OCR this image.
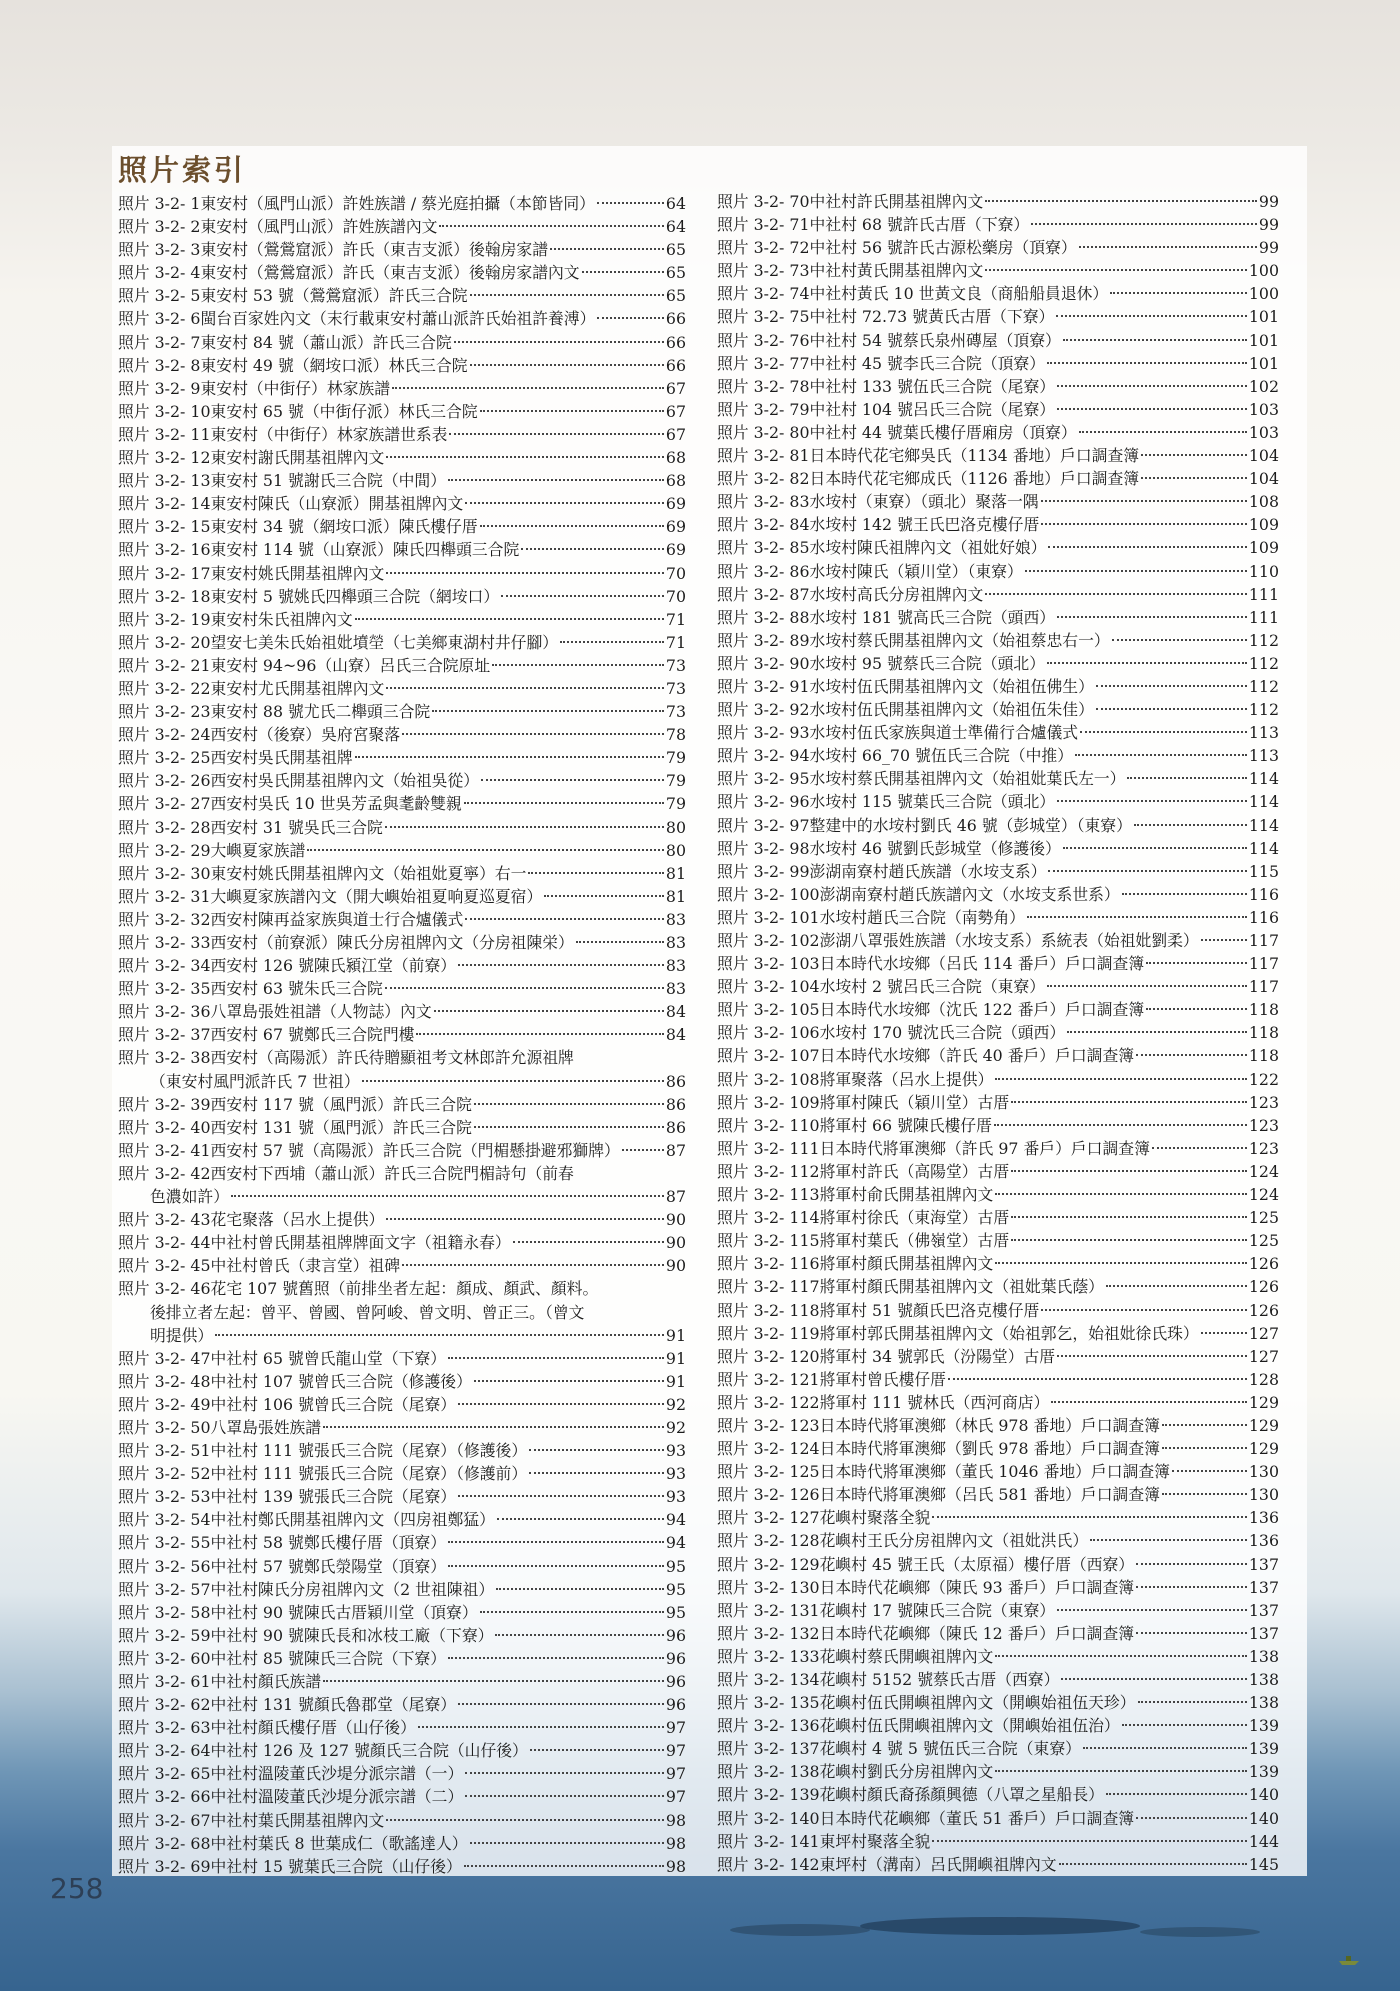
照片索引
照片 3-2- 1 東安村（風門山派）許姓族譜 / 蔡光庭拍攝（本節皆同）	64
照片 3-2- 2 東安村（風門山派）許姓族譜內文	64
照片 3-2- 3 東安村（鶯鶯窟派）許氏（東吉支派）後翰房家譜	65
照片 3-2- 4 東安村（鶯鶯窟派）許氏（東吉支派）後翰房家譜內文	65
照片 3-2- 5 東安村 53 號（鶯鶯窟派）許氏三合院	65
照片 3-2- 6 閩台百家姓內文（末行載東安村蕭山派許氏始祖許養溥）	66
照片 3-2- 7 東安村 84 號（蕭山派）許氏三合院	66
照片 3-2- 8 東安村 49 號（網垵口派）林氏三合院	66
照片 3-2- 9 東安村（中街仔）林家族譜	67
照片 3-2- 10 東安村 65 號（中街仔派）林氏三合院	67
照片 3-2- 11 東安村（中街仔）林家族譜世系表	67
照片 3-2- 12 東安村謝氏開基祖牌內文	68
照片 3-2- 13 東安村 51 號謝氏三合院（中間）	68
照片 3-2- 14 東安村陳氏（山寮派）開基祖牌內文	69
照片 3-2- 15 東安村 34 號（網垵口派）陳氏樓仔厝	69
照片 3-2- 16 東安村 114 號（山寮派）陳氏四櫸頭三合院	69
照片 3-2- 17 東安村姚氏開基祖牌內文	70
照片 3-2- 18 東安村 5 號姚氏四櫸頭三合院（網垵口）	70
照片 3-2- 19 東安村朱氏祖牌內文	71
照片 3-2- 20 望安七美朱氏始祖妣墳塋（七美鄉東湖村井仔腳）	71
照片 3-2- 21 東安村 94~96（山寮）呂氏三合院原址	73
照片 3-2- 22 東安村尤氏開基祖牌內文	73
照片 3-2- 23 東安村 88 號尤氏二櫸頭三合院	73
照片 3-2- 24 西安村（後寮）吳府宮聚落	78
照片 3-2- 25 西安村吳氏開基祖牌	79
照片 3-2- 26 西安村吳氏開基祖牌內文（始祖吳從）	79
照片 3-2- 27 西安村吳氏 10 世吳芳孟與耄齡雙親	79
照片 3-2- 28 西安村 31 號吳氏三合院	80
照片 3-2- 29 大嶼夏家族譜	80
照片 3-2- 30 東安村姚氏開基祖牌內文（始祖妣夏寧）右一	81
照片 3-2- 31 大嶼夏家族譜內文（開大嶼始祖夏响夏巡夏宿）	81
照片 3-2- 32 西安村陳再益家族與道士行合爐儀式	83
照片 3-2- 33 西安村（前寮派）陳氏分房祖牌內文（分房祖陳栄）	83
照片 3-2- 34 西安村 126 號陳氏潁江堂（前寮）	83
照片 3-2- 35 西安村 63 號朱氏三合院	83
照片 3-2- 36 八罩島張姓祖譜（人物誌）內文	84
照片 3-2- 37 西安村 67 號鄭氏三合院門樓	84
照片 3-2- 38 西安村（高陽派）許氏待贈顯祖考文林郎許允源祖牌
（東安村風門派許氏 7 世祖）	86
照片 3-2- 39 西安村 117 號（風門派）許氏三合院	86
照片 3-2- 40 西安村 131 號（風門派）許氏三合院	86
照片 3-2- 41 西安村 57 號（高陽派）許氏三合院（門楣懸掛避邪獅牌）	87
照片 3-2- 42 西安村下西埔（蕭山派）許氏三合院門楣詩句（前春
色濃如許）	87
照片 3-2- 43 花宅聚落（呂水上提供）	90
照片 3-2- 44 中社村曾氏開基祖牌牌面文字（祖籍永春）	90
照片 3-2- 45 中社村曾氏（隶言堂）祖碑	90
照片 3-2- 46 花宅 107 號舊照（前排坐者左起：顏成、顏武、顏料。
後排立者左起：曾平、曾國、曾阿峻、曾文明、曾正三。（曾文
明提供）	91
照片 3-2- 47 中社村 65 號曾氏龍山堂（下寮）	91
照片 3-2- 48 中社村 107 號曾氏三合院（修護後）	91
照片 3-2- 49 中社村 106 號曾氏三合院（尾寮）	92
照片 3-2- 50 八罩島張姓族譜	92
照片 3-2- 51 中社村 111 號張氏三合院（尾寮）（修護後）	93
照片 3-2- 52 中社村 111 號張氏三合院（尾寮）（修護前）	93
照片 3-2- 53 中社村 139 號張氏三合院（尾寮）	93
照片 3-2- 54 中社村鄭氏開基祖牌內文（四房祖鄭猛）	94
照片 3-2- 55 中社村 58 號鄭氏樓仔厝（頂寮）	94
照片 3-2- 56 中社村 57 號鄭氏滎陽堂（頂寮）	95
照片 3-2- 57 中社村陳氏分房祖牌內文（2 世祖陳祖）	95
照片 3-2- 58 中社村 90 號陳氏古厝穎川堂（頂寮）	95
照片 3-2- 59 中社村 90 號陳氏長和冰枝工廠（下寮）	96
照片 3-2- 60 中社村 85 號陳氏三合院（下寮）	96
照片 3-2- 61 中社村顏氏族譜	96
照片 3-2- 62 中社村 131 號顏氏魯郡堂（尾寮）	96
照片 3-2- 63 中社村顏氏樓仔厝（山仔後）	97
照片 3-2- 64 中社村 126 及 127 號顏氏三合院（山仔後）	97
照片 3-2- 65 中社村溫陵董氏沙堤分派宗譜（一）	97
照片 3-2- 66 中社村溫陵董氏沙堤分派宗譜（二）	97
照片 3-2- 67 中社村葉氏開基祖牌內文	98
照片 3-2- 68 中社村葉氏 8 世葉成仁（歌謠達人）	98
照片 3-2- 69 中社村 15 號葉氏三合院（山仔後）	98
照片 3-2- 70 中社村許氏開基祖牌內文	99
照片 3-2- 71 中社村 68 號許氏古厝（下寮）	99
照片 3-2- 72 中社村 56 號許氏古源松藥房（頂寮）	99
照片 3-2- 73 中社村黃氏開基祖牌內文	100
照片 3-2- 74 中社村黃氏 10 世黃文良（商船船員退休）	100
照片 3-2- 75 中社村 72.73 號黃氏古厝（下寮）	101
照片 3-2- 76 中社村 54 號蔡氏泉州磚屋（頂寮）	101
照片 3-2- 77 中社村 45 號李氏三合院（頂寮）	101
照片 3-2- 78 中社村 133 號伍氏三合院（尾寮）	102
照片 3-2- 79 中社村 104 號呂氏三合院（尾寮）	103
照片 3-2- 80 中社村 44 號葉氏樓仔厝廂房（頂寮）	103
照片 3-2- 81 日本時代花宅鄉吳氏（1134 番地）戶口調查簿	104
照片 3-2- 82 日本時代花宅鄉成氏（1126 番地）戶口調查簿	104
照片 3-2- 83 水垵村（東寮）（頭北）聚落一隅	108
照片 3-2- 84 水垵村 142 號王氏巴洛克樓仔厝	109
照片 3-2- 85 水垵村陳氏祖牌內文（祖妣好娘）	109
照片 3-2- 86 水垵村陳氏（穎川堂）（東寮）	110
照片 3-2- 87 水垵村高氏分房祖牌內文	111
照片 3-2- 88 水垵村 181 號高氏三合院（頭西）	111
照片 3-2- 89 水垵村蔡氏開基祖牌內文（始祖蔡忠右一）	112
照片 3-2- 90 水垵村 95 號蔡氏三合院（頭北）	112
照片 3-2- 91 水垵村伍氏開基祖牌內文（始祖伍佛生）	112
照片 3-2- 92 水垵村伍氏開基祖牌內文（始祖伍朱佳）	112
照片 3-2- 93 水垵村伍氏家族與道士準備行合爐儀式	113
照片 3-2- 94 水垵村 66_70 號伍氏三合院（中推）	113
照片 3-2- 95 水垵村蔡氏開基祖牌內文（始祖妣葉氏左一）	114
照片 3-2- 96 水垵村 115 號葉氏三合院（頭北）	114
照片 3-2- 97 整建中的水垵村劉氏 46 號（彭城堂）（東寮）	114
照片 3-2- 98 水垵村 46 號劉氏彭城堂（修護後）	114
照片 3-2- 99 澎湖南寮村趙氏族譜（水垵支系）	115
照片 3-2- 100 澎湖南寮村趙氏族譜內文（水垵支系世系）	116
照片 3-2- 101 水垵村趙氏三合院（南勢角）	116
照片 3-2- 102 澎湖八罩張姓族譜（水垵支系）系統表（始祖妣劉柔）	117
照片 3-2- 103 日本時代水垵鄉（呂氏 114 番戶）戶口調查簿	117
照片 3-2- 104 水垵村 2 號呂氏三合院（東寮）	117
照片 3-2- 105 日本時代水垵鄉（沈氏 122 番戶）戶口調查簿	118
照片 3-2- 106 水垵村 170 號沈氏三合院（頭西）	118
照片 3-2- 107 日本時代水垵鄉（許氏 40 番戶）戶口調查簿	118
照片 3-2- 108 將軍聚落（呂水上提供）	122
照片 3-2- 109 將軍村陳氏（穎川堂）古厝	123
照片 3-2- 110 將軍村 66 號陳氏樓仔厝	123
照片 3-2- 111 日本時代將軍澳鄉（許氏 97 番戶）戶口調查簿	123
照片 3-2- 112 將軍村許氏（高陽堂）古厝	124
照片 3-2- 113 將軍村俞氏開基祖牌內文	124
照片 3-2- 114 將軍村徐氏（東海堂）古厝	125
照片 3-2- 115 將軍村葉氏（佛嶺堂）古厝	125
照片 3-2- 116 將軍村顏氏開基祖牌內文	126
照片 3-2- 117 將軍村顏氏開基祖牌內文（祖妣葉氏蔭）	126
照片 3-2- 118 將軍村 51 號顏氏巴洛克樓仔厝	126
照片 3-2- 119 將軍村郭氏開基祖牌內文（始祖郭乞，始祖妣徐氏珠）	127
照片 3-2- 120 將軍村 34 號郭氏（汾陽堂）古厝	127
照片 3-2- 121 將軍村曾氏樓仔厝	128
照片 3-2- 122 將軍村 111 號林氏（西河商店）	129
照片 3-2- 123 日本時代將軍澳鄉（林氏 978 番地）戶口調查簿	129
照片 3-2- 124 日本時代將軍澳鄉（劉氏 978 番地）戶口調查簿	129
照片 3-2- 125 日本時代將軍澳鄉（董氏 1046 番地）戶口調查簿	130
照片 3-2- 126 日本時代將軍澳鄉（呂氏 581 番地）戶口調查簿	130
照片 3-2- 127 花嶼村聚落全貌	136
照片 3-2- 128 花嶼村王氏分房祖牌內文（祖妣洪氏）	136
照片 3-2- 129 花嶼村 45 號王氏（太原福）樓仔厝（西寮）	137
照片 3-2- 130 日本時代花嶼鄉（陳氏 93 番戶）戶口調查簿	137
照片 3-2- 131 花嶼村 17 號陳氏三合院（東寮）	137
照片 3-2- 132 日本時代花嶼鄉（陳氏 12 番戶）戶口調查簿	137
照片 3-2- 133 花嶼村蔡氏開嶼祖牌內文	138
照片 3-2- 134 花嶼村 5152 號蔡氏古厝（西寮）	138
照片 3-2- 135 花嶼村伍氏開嶼祖牌內文（開嶼始祖伍天珍）	138
照片 3-2- 136 花嶼村伍氏開嶼祖牌內文（開嶼始祖伍治）	139
照片 3-2- 137 花嶼村 4 號 5 號伍氏三合院（東寮）	139
照片 3-2- 138 花嶼村劉氏分房祖牌內文	139
照片 3-2- 139 花嶼村顏氏裔孫顏興德（八罩之星船長）	140
照片 3-2- 140 日本時代花嶼鄉（董氏 51 番戶）戶口調查簿	140
照片 3-2- 141 東坪村聚落全貌	144
照片 3-2- 142 東坪村（溝南）呂氏開嶼祖牌內文	145
258
